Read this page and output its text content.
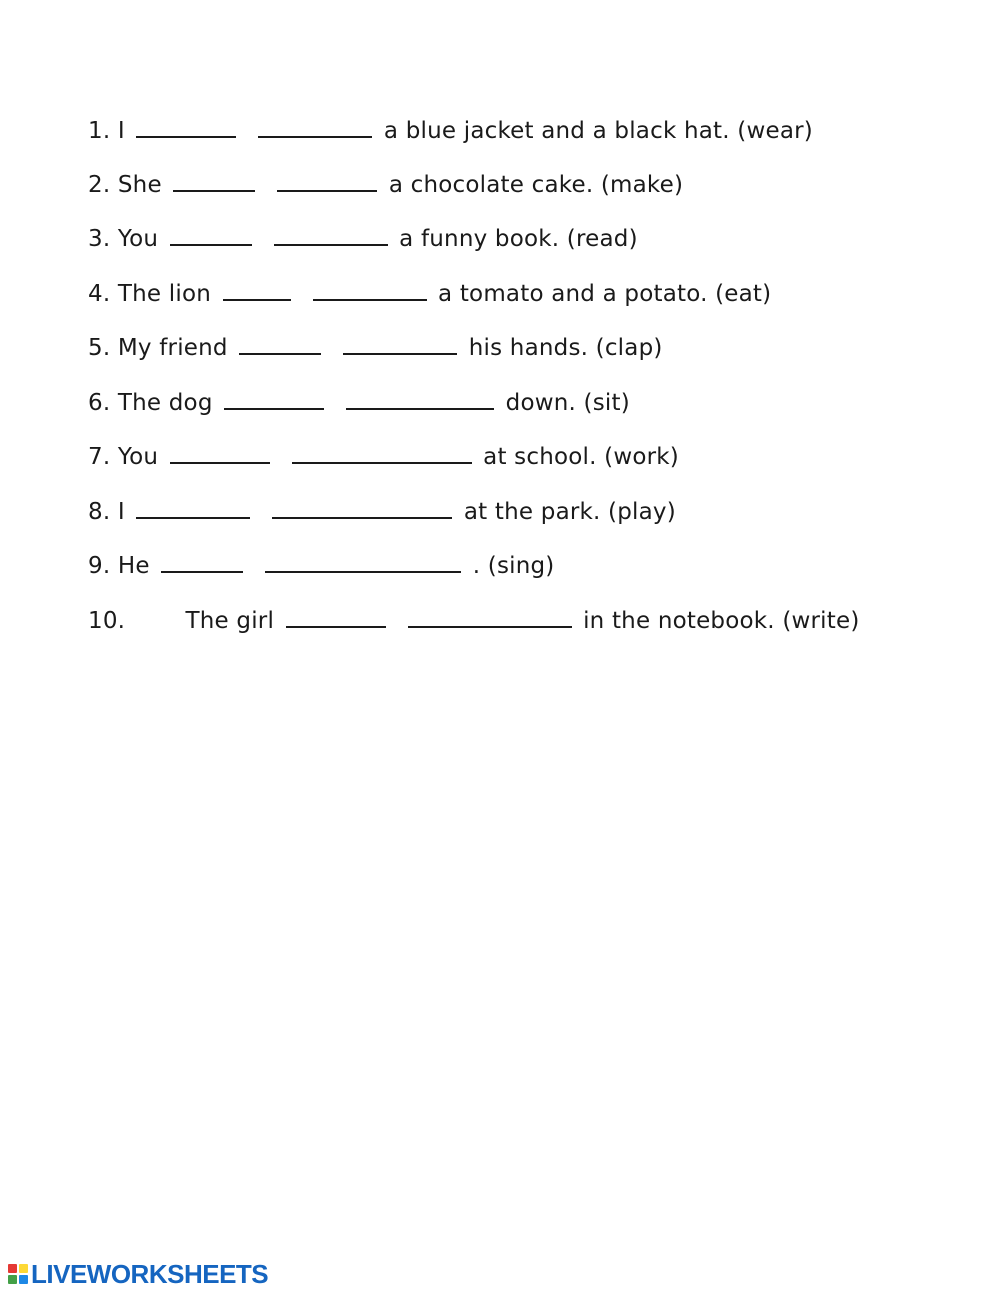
1. I	a blue jacket and a black hat. (wear)
2. She	a chocolate cake. (make)
3. You	a funny book. (read)
4. The lion	a tomato and a potato. (eat)
5. My friend	his hands. (clap)
6. The dog	down. (sit)
7. You	at school. (work)
8. I	at the park. (play)
9. He	. (sing)
10.	The girl	in the notebook. (write)
LIVEWORKSHEETS
